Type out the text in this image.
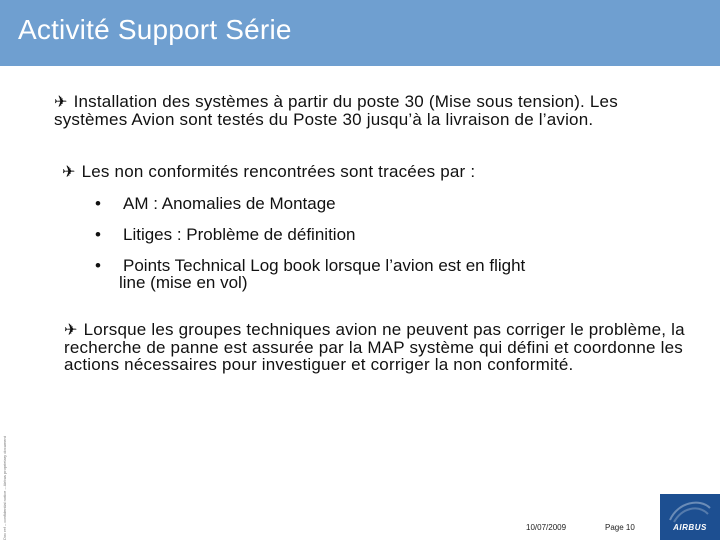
Activité Support Série
Doc ref – confidential notice – Airbus proprietary document
✈ Installation des systèmes à partir du poste 30 (Mise sous tension). Les systèmes Avion sont testés du Poste 30 jusqu’à la livraison de l’avion.
✈ Les non conformités rencontrées sont tracées par :
• AM : Anomalies de Montage
• Litiges : Problème de définition
• Points Technical Log book lorsque l’avion est en flight
line (mise en vol)
✈ Lorsque les groupes techniques avion ne peuvent pas corriger le problème, la recherche de panne est assurée par la MAP système qui défini et coordonne les actions nécessaires pour investiguer et corriger la non conformité.
10/07/2009	Page 10	AIRBUS
